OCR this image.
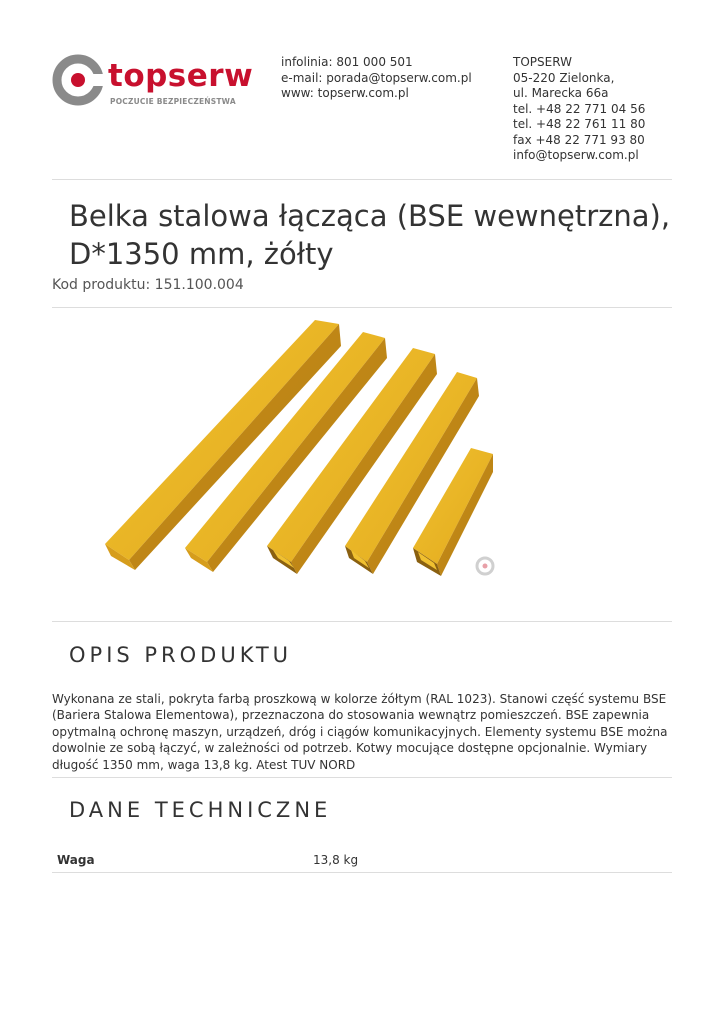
topserw
POCZUCIE BEZPIECZEŃSTWA
infolinia: 801 000 501
e-mail: porada@topserw.com.pl
www: topserw.com.pl
TOPSERW
05-220 Zielonka,
ul. Marecka 66a
tel. +48 22 771 04 56
tel. +48 22 761 11 80
fax +48 22 771 93 80
info@topserw.com.pl
Belka stalowa łącząca (BSE wewnętrzna),
D*1350 mm, żółty
Kod produktu: 151.100.004
OPIS PRODUKTU
Wykonana ze stali, pokryta farbą proszkową w kolorze żółtym (RAL 1023). Stanowi część systemu BSE (Bariera Stalowa Elementowa), przeznaczona do stosowania wewnątrz pomieszczeń. BSE zapewnia opytmalną ochronę maszyn, urządzeń, dróg i ciągów komunikacyjnych. Elementy systemu BSE można dowolnie ze sobą łączyć, w zależności od potrzeb. Kotwy mocujące dostępne opcjonalnie. Wymiary długość 1350 mm, waga 13,8 kg. Atest TUV NORD
DANE TECHNICZNE
Waga	13,8 kg
